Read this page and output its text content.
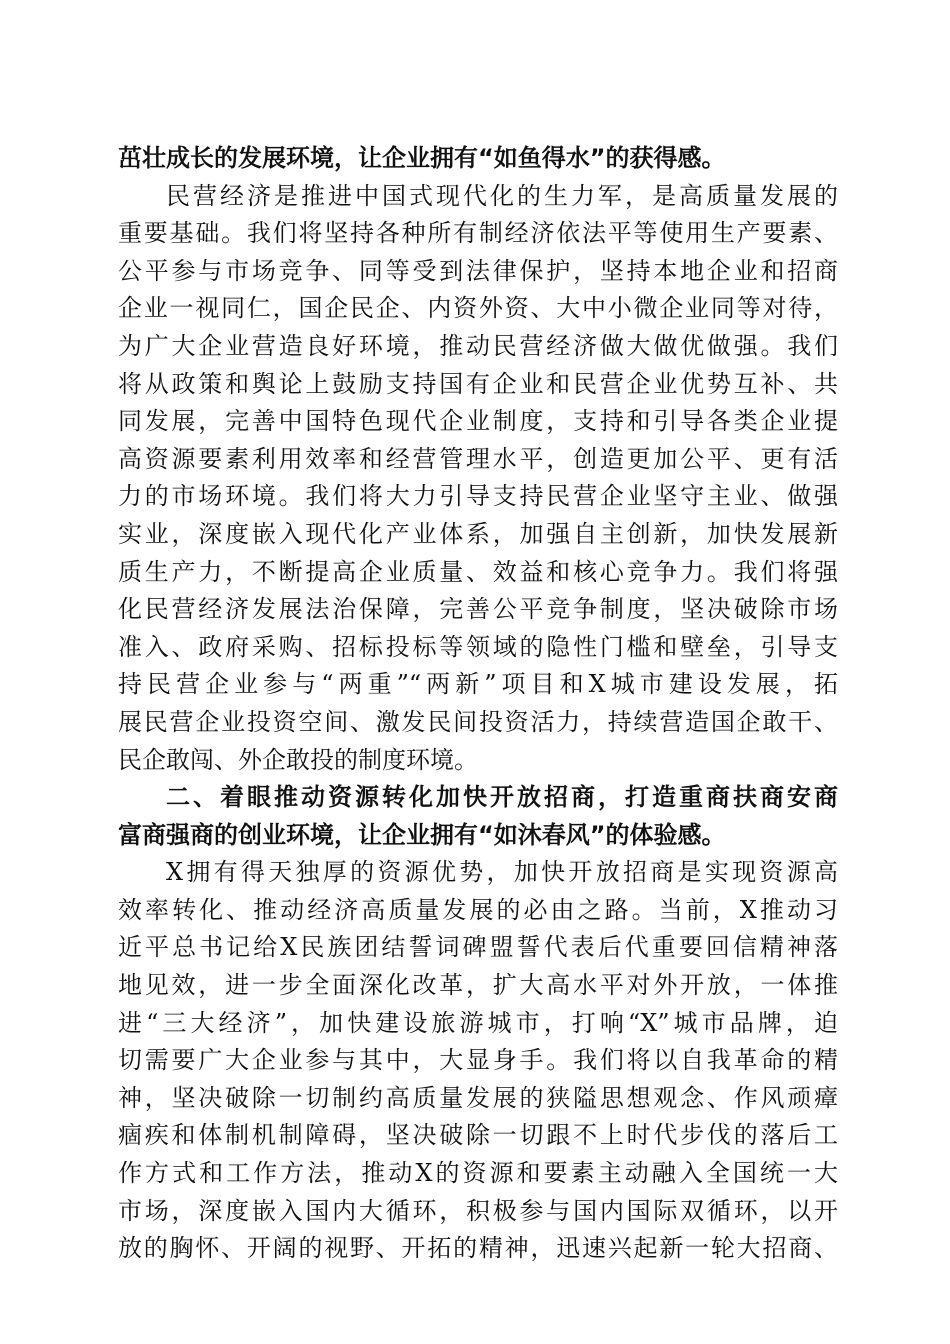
茁壮成长的发展环境，让企业拥有“如鱼得水”的获得感。
民营经济是推进中国式现代化的生力军，是高质量发展的
重要基础。我们将坚持各种所有制经济依法平等使用生产要素、
公平参与市场竞争、同等受到法律保护，坚持本地企业和招商
企业一视同仁，国企民企、内资外资、大中小微企业同等对待，
为广大企业营造良好环境，推动民营经济做大做优做强。我们
将从政策和舆论上鼓励支持国有企业和民营企业优势互补、共
同发展，完善中国特色现代企业制度，支持和引导各类企业提
高资源要素利用效率和经营管理水平，创造更加公平、更有活
力的市场环境。我们将大力引导支持民营企业坚守主业、做强
实业，深度嵌入现代化产业体系，加强自主创新，加快发展新
质生产力，不断提高企业质量、效益和核心竞争力。我们将强
化民营经济发展法治保障，完善公平竞争制度，坚决破除市场
准入、政府采购、招标投标等领域的隐性门槛和壁垒，引导支
持民营企业参与“两重”“两新”项目和X城市建设发展，拓
展民营企业投资空间、激发民间投资活力，持续营造国企敢干、
民企敢闯、外企敢投的制度环境。
二、着眼推动资源转化加快开放招商，打造重商扶商安商
富商强商的创业环境，让企业拥有“如沐春风”的体验感。
X拥有得天独厚的资源优势，加快开放招商是实现资源高
效率转化、推动经济高质量发展的必由之路。当前，X推动习
近平总书记给X民族团结誓词碑盟誓代表后代重要回信精神落
地见效，进一步全面深化改革，扩大高水平对外开放，一体推
进“三大经济”，加快建设旅游城市，打响“X”城市品牌，迫
切需要广大企业参与其中，大显身手。我们将以自我革命的精
神，坚决破除一切制约高质量发展的狭隘思想观念、作风顽瘴
痼疾和体制机制障碍，坚决破除一切跟不上时代步伐的落后工
作方式和工作方法，推动X的资源和要素主动融入全国统一大
市场，深度嵌入国内大循环，积极参与国内国际双循环，以开
放的胸怀、开阔的视野、开拓的精神，迅速兴起新一轮大招商、
